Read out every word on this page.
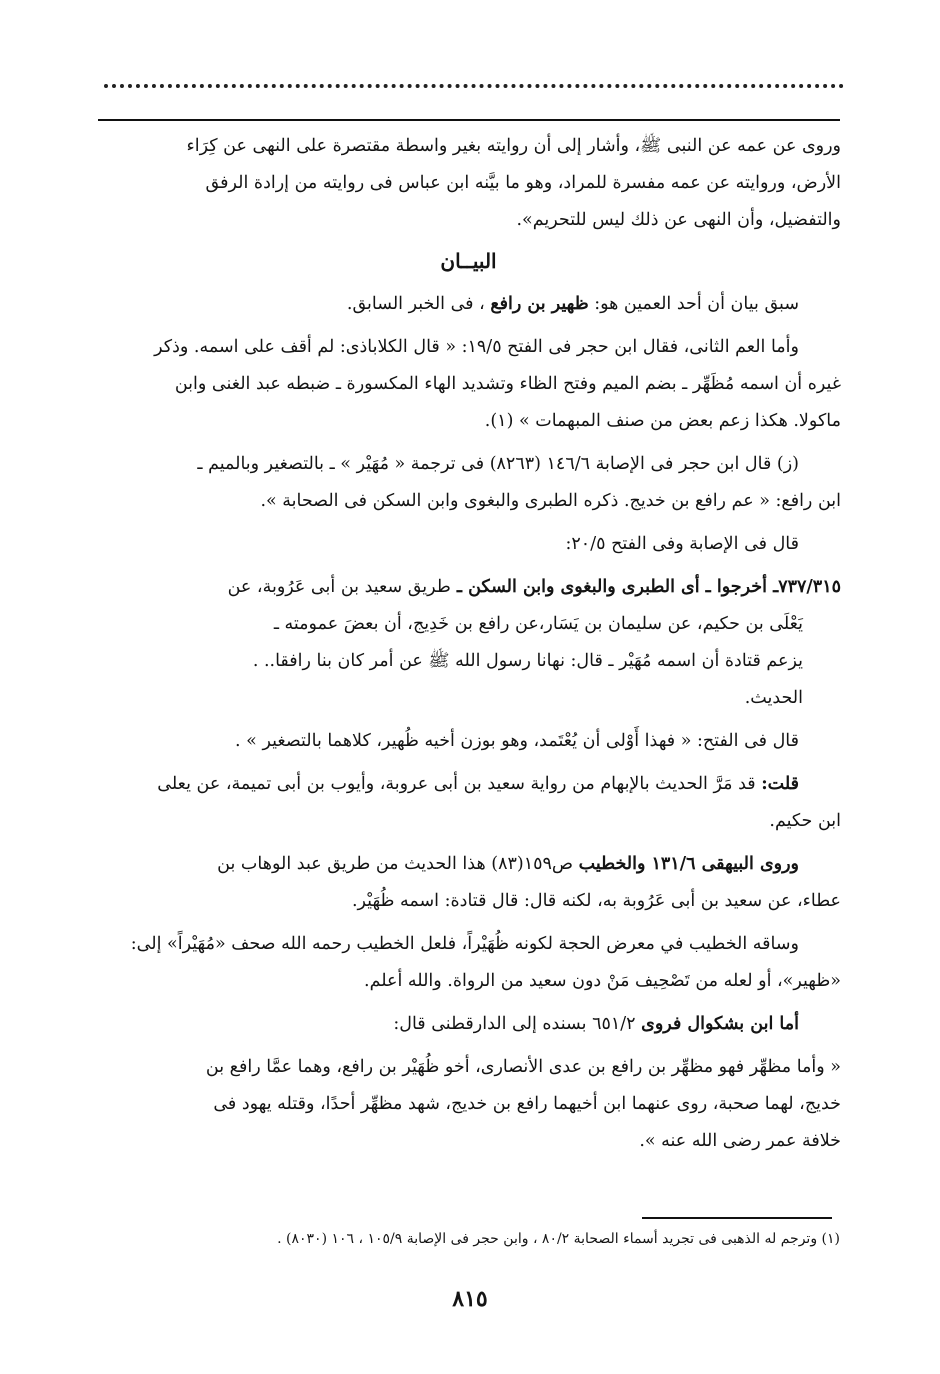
وروى عن عمه عن النبى ﷺ، وأشار إلى أن روايته بغير واسطة مقتصرة على النهى عن كِرَاء

الأرض، وروايته عن عمه مفسرة للمراد، وهو ما بيَّنه ابن عباس فى روايته من إرادة الرفق

والتفضيل، وأن النهى عن ذلك ليس للتحريم».

البيــان

سبق بيان أن أحد العمين هو: ظهير بن رافع ، فى الخبر السابق.

وأما العم الثانى، فقال ابن حجر فى الفتح ١٩/٥: « قال الكلاباذى: لم أقف على اسمه. وذكر

غيره أن اسمه مُظَهِّر ـ بضم الميم وفتح الظاء وتشديد الهاء المكسورة ـ ضبطه عبد الغنى وابن

ماكولا. هكذا زعم بعض من صنف المبهمات » (١).

(ز) قال ابن حجر فى الإصابة ١٤٦/٦ (٨٢٦٣) فى ترجمة « مُهَيْر » ـ بالتصغير وبالميم ـ

ابن رافع: « عم رافع بن خديج. ذكره الطبرى والبغوى وابن السكن فى الصحابة ».

قال فى الإصابة وفى الفتح ٢٠/٥:

٧٣٧/٣١٥ـ أخرجوا ـ أى الطبرى والبغوى وابن السكن ـ طريق سعيد بن أبى عَرُوبة، عن

يَعْلَى بن حكيم، عن سليمان بن يَسَار،عن رافع بن خَدِيج، أن بعضَ عمومته ـ

يزعم قتادة أن اسمه مُهَيْر ـ قال: نهانا رسول الله ﷺ عن أمر كان بنا رافقا.. .

الحديث.

قال فى الفتح: « فهذا أَوْلى أن يُعْتَمد، وهو بوزن أخيه ظُهير، كلاهما بالتصغير » .

قلت: قد مَرَّ الحديث بالإبهام من رواية سعيد بن أبى عروبة، وأيوب بن أبى تميمة، عن يعلى

ابن حكيم.

وروى البيهقى ١٣١/٦ والخطيب ص١٥٩(٨٣) هذا الحديث من طريق عبد الوهاب بن

عطاء، عن سعيد بن أبى عَرُوبة به، لكنه قال: قال قتادة: اسمه ظُهَيْر.

وساقه الخطيب في معرض الحجة لكونه ظُهَيْراً، فلعل الخطيب رحمه الله صحف «مُهَيْراً» إلى:

«ظهير»، أو لعله من تَصْحِيف مَنْ دون سعيد من الرواة. والله أعلم.

أما ابن بشكوال فروى ٦٥١/٢ بسنده إلى الدارقطنى قال:

« وأما مظهِّر فهو مظهِّر بن رافع بن عدى الأنصارى، أخو ظُهَيْر بن رافع، وهما عمَّا رافع بن

خديج، لهما صحبة، روى عنهما ابن أخيهما رافع بن خديج، شهد مظهِّر أحدًا، وقتله يهود فى

خلافة عمر رضى الله عنه ».

(١) وترجم له الذهبى فى تجريد أسماء الصحابة ٨٠/٢ ، وابن حجر فى الإصابة ١٠٥/٩ ، ١٠٦ (٨٠٣٠) .
٨١٥
